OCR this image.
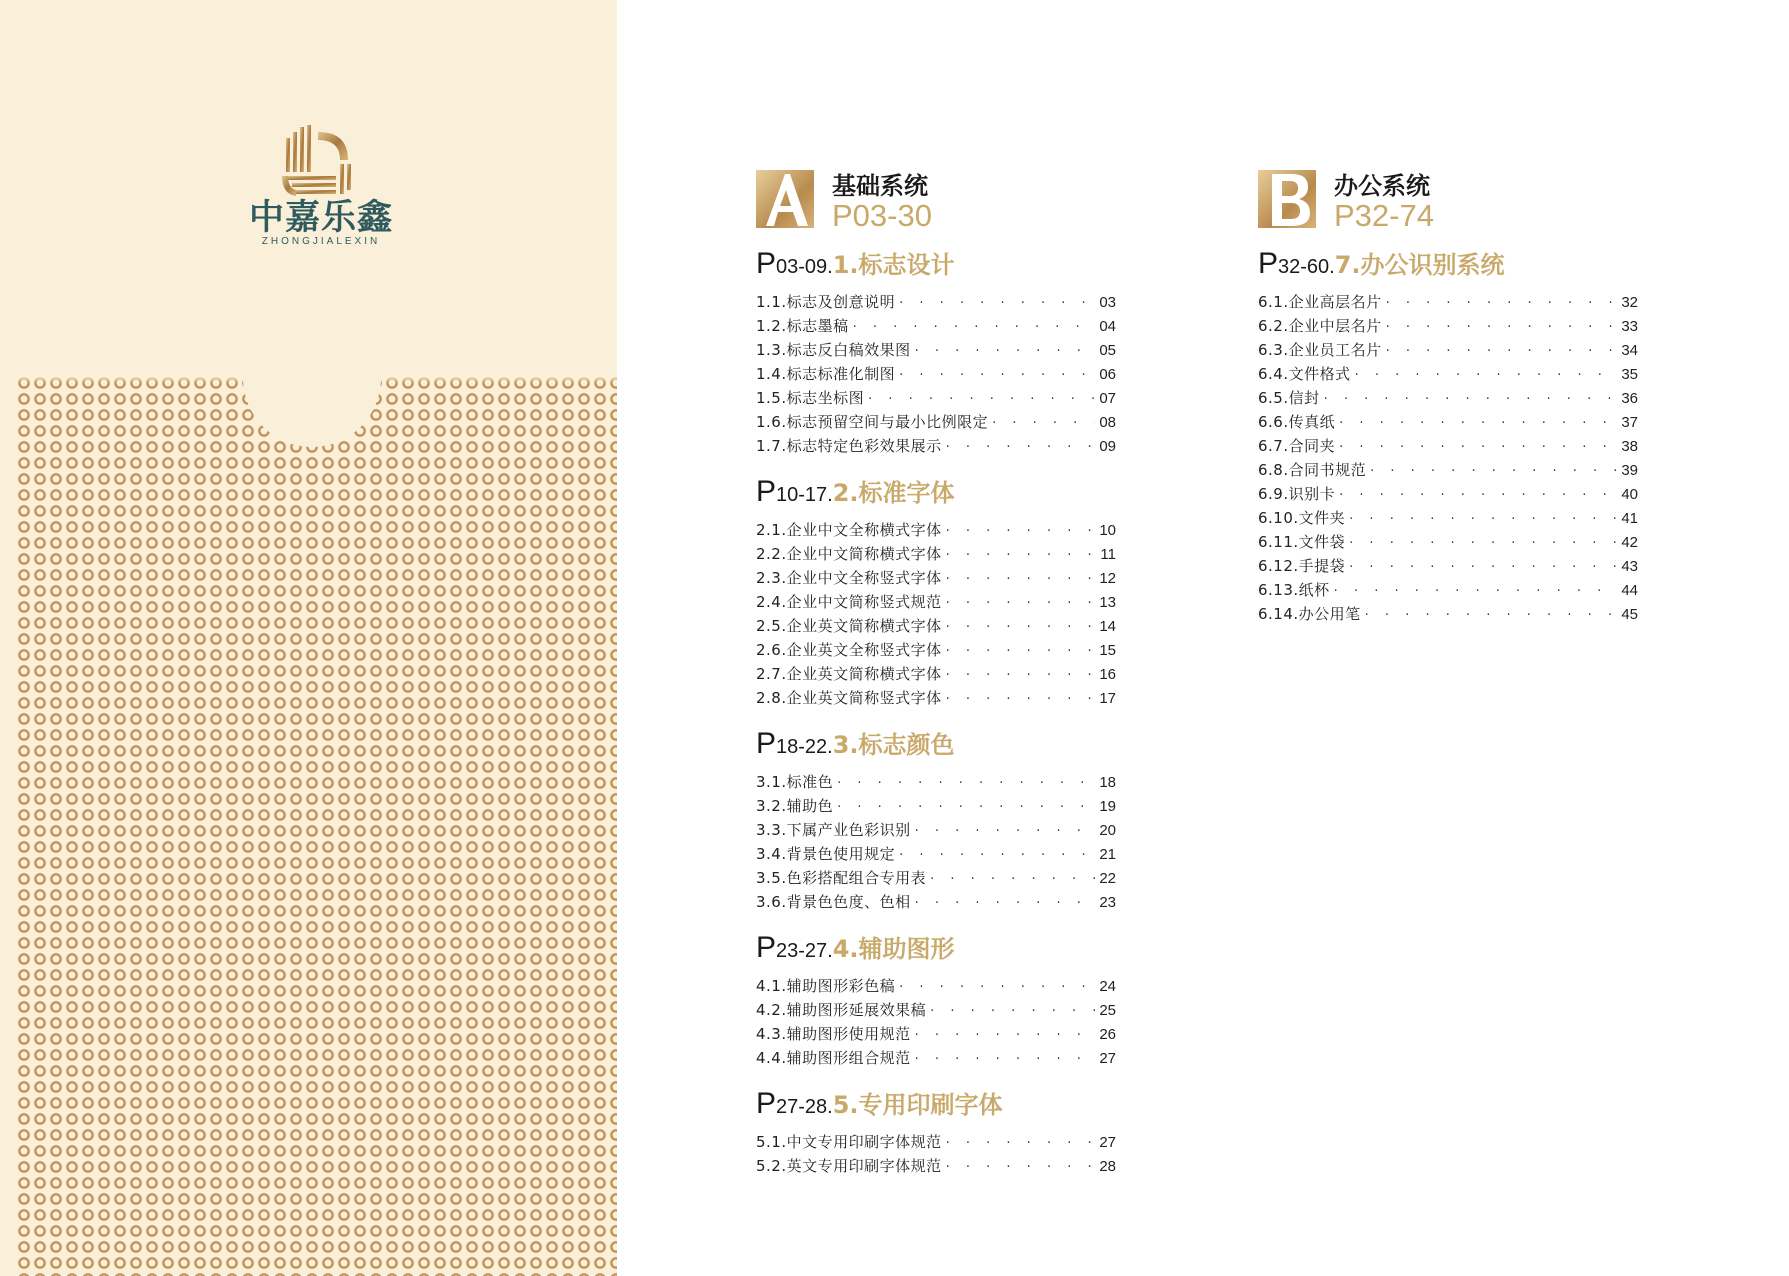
中嘉乐鑫
ZHONGJIALEXIN
基础系统
P03-30
P03-09.1.标志设计
1.1.标志及创意说明 · · ·	03
1.2.标志墨稿 · · ·	04
1.3.标志反白稿效果图 · · ·	05
1.4.标志标准化制图 · · ·	06
1.5.标志坐标图 · · ·	07
1.6.标志预留空间与最小比例限定 · · ·	08
1.7.标志特定色彩效果展示 · · ·	09
P10-17.2.标准字体
2.1.企业中文全称横式字体 · · ·	10
2.2.企业中文简称横式字体 · · ·	11
2.3.企业中文全称竖式字体 · · ·	12
2.4.企业中文简称竖式规范 · · ·	13
2.5.企业英文简称横式字体 · · ·	14
2.6.企业英文全称竖式字体 · · ·	15
2.7.企业英文简称横式字体 · · ·	16
2.8.企业英文简称竖式字体 · · ·	17
P18-22.3.标志颜色
3.1.标准色 · · ·	18
3.2.辅助色 · · ·	19
3.3.下属产业色彩识别 · · ·	20
3.4.背景色使用规定 · · ·	21
3.5.色彩搭配组合专用表 · · ·	22
3.6.背景色色度、色相 · · ·	23
P23-27.4.辅助图形
4.1.辅助图形彩色稿 · · ·	24
4.2.辅助图形延展效果稿 · · ·	25
4.3.辅助图形使用规范 · · ·	26
4.4.辅助图形组合规范 · · ·	27
P27-28.5.专用印刷字体
5.1.中文专用印刷字体规范 · · ·	27
5.2.英文专用印刷字体规范 · · ·	28
办公系统
P32-74
P32-60.7.办公识别系统
6.1.企业高层名片 · · ·	32
6.2.企业中层名片 · · ·	33
6.3.企业员工名片 · · ·	34
6.4.文件格式 · · ·	35
6.5.信封 · · ·	36
6.6.传真纸 · · ·	37
6.7.合同夹 · · ·	38
6.8.合同书规范 · · ·	39
6.9.识别卡 · · ·	40
6.10.文件夹 · · ·	41
6.11.文件袋 · · ·	42
6.12.手提袋 · · ·	43
6.13.纸杯 · · ·	44
6.14.办公用笔 · · ·	45
